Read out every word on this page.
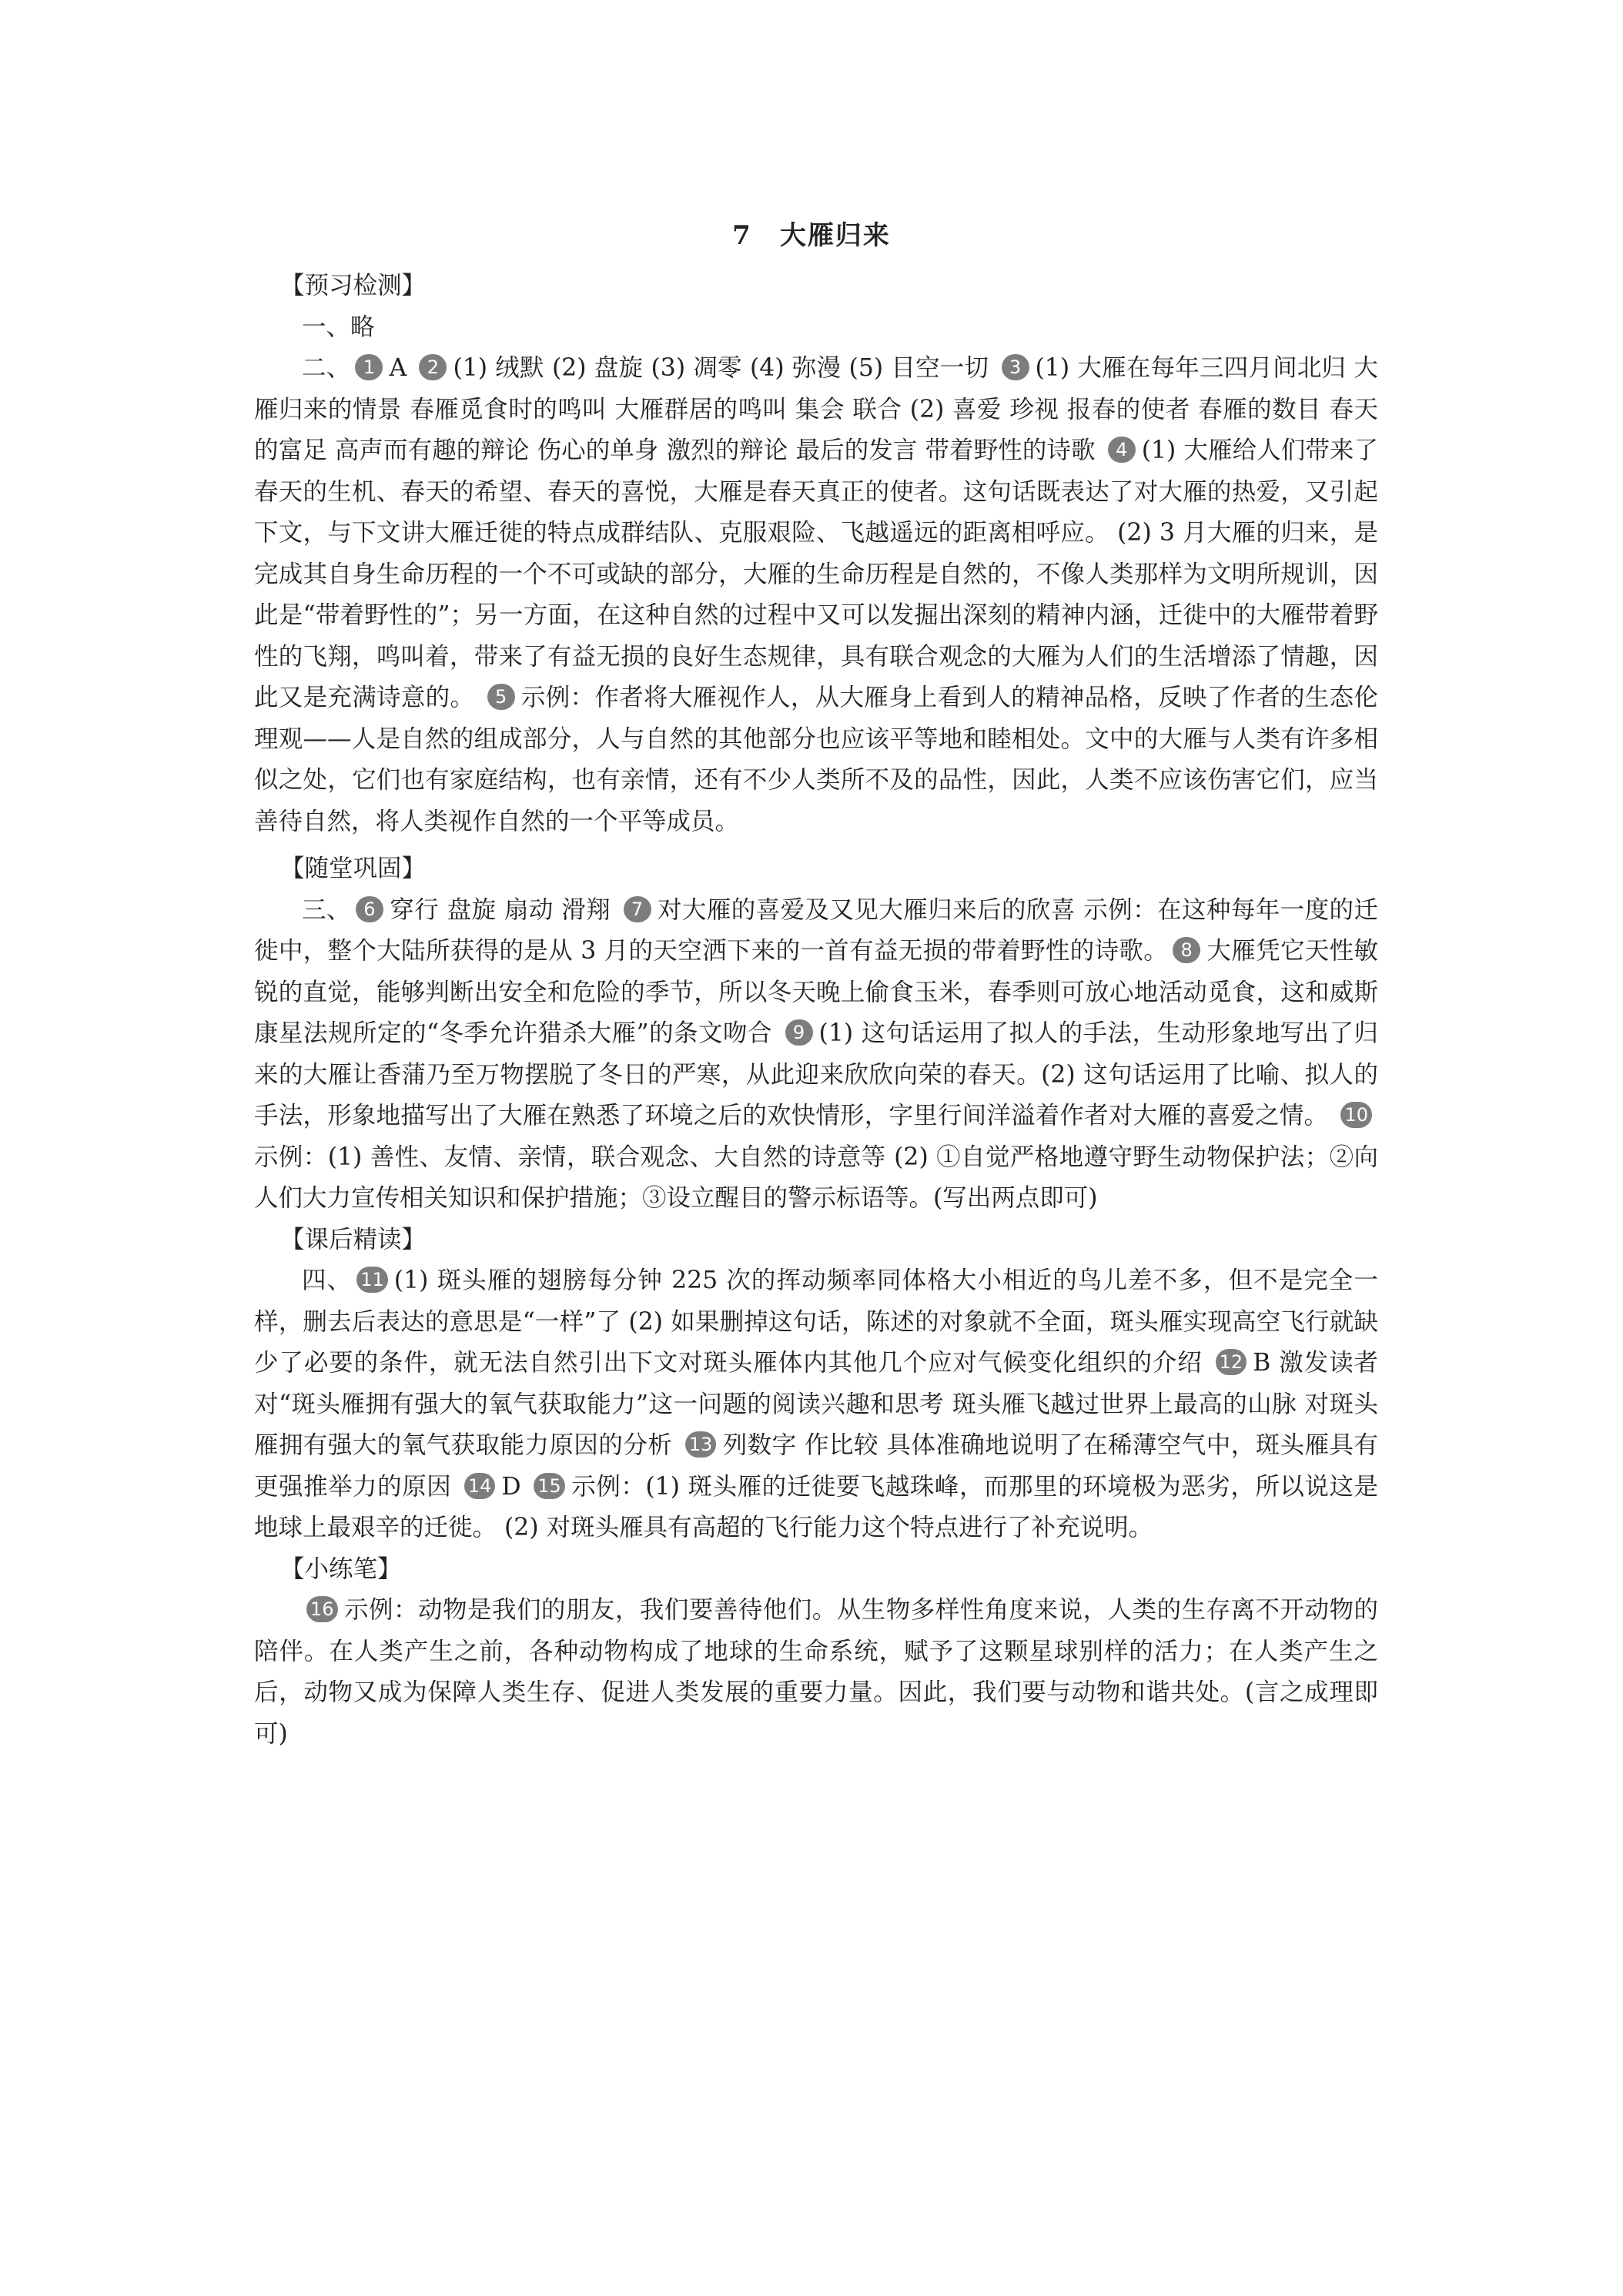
7 大雁归来
【预习检测】
一、略

二、 1 A 2 (1) 绒默 (2) 盘旋 (3) 凋零 (4) 弥漫 (5) 目空一切 3 (1) 大雁在每年三四月间北归 大雁归来的情景 春雁觅食时的鸣叫 大雁群居的鸣叫 集会 联合 (2) 喜爱 珍视 报春的使者 春雁的数目 春天的富足 高声而有趣的辩论 伤心的单身 激烈的辩论 最后的发言 带着野性的诗歌 4 (1) 大雁给人们带来了春天的生机、春天的希望、春天的喜悦，大雁是春天真正的使者。这句话既表达了对大雁的热爱，又引起下文，与下文讲大雁迁徙的特点成群结队、克服艰险、飞越遥远的距离相呼应。 (2) 3 月大雁的归来，是完成其自身生命历程的一个不可或缺的部分，大雁的生命历程是自然的，不像人类那样为文明所规训，因此是“带着野性的”；另一方面，在这种自然的过程中又可以发掘出深刻的精神内涵，迁徙中的大雁带着野性的飞翔，鸣叫着，带来了有益无损的良好生态规律，具有联合观念的大雁为人们的生活增添了情趣，因此又是充满诗意的。 5 示例：作者将大雁视作人，从大雁身上看到人的精神品格，反映了作者的生态伦理观——人是自然的组成部分，人与自然的其他部分也应该平等地和睦相处。文中的大雁与人类有许多相似之处，它们也有家庭结构，也有亲情，还有不少人类所不及的品性，因此，人类不应该伤害它们，应当善待自然，将人类视作自然的一个平等成员。

【随堂巩固】

三、 6 穿行 盘旋 扇动 滑翔 7 对大雁的喜爱及又见大雁归来后的欣喜 示例：在这种每年一度的迁徙中，整个大陆所获得的是从 3 月的天空洒下来的一首有益无损的带着野性的诗歌。 8 大雁凭它天性敏锐的直觉，能够判断出安全和危险的季节，所以冬天晚上偷食玉米，春季则可放心地活动觅食，这和威斯康星法规所定的“冬季允许猎杀大雁”的条文吻合 9 (1) 这句话运用了拟人的手法，生动形象地写出了归来的大雁让香蒲乃至万物摆脱了冬日的严寒，从此迎来欣欣向荣的春天。(2) 这句话运用了比喻、拟人的手法，形象地描写出了大雁在熟悉了环境之后的欢快情形，字里行间洋溢着作者对大雁的喜爱之情。 10示例：(1) 善性、友情、亲情，联合观念、大自然的诗意等 (2) ①自觉严格地遵守野生动物保护法；②向人们大力宣传相关知识和保护措施；③设立醒目的警示标语等。(写出两点即可)

【课后精读】

四、 11 (1) 斑头雁的翅膀每分钟 225 次的挥动频率同体格大小相近的鸟儿差不多，但不是完全一样，删去后表达的意思是“一样”了 (2) 如果删掉这句话，陈述的对象就不全面，斑头雁实现高空飞行就缺少了必要的条件，就无法自然引出下文对斑头雁体内其他几个应对气候变化组织的介绍 12 B 激发读者对“斑头雁拥有强大的氧气获取能力”这一问题的阅读兴趣和思考 斑头雁飞越过世界上最高的山脉 对斑头雁拥有强大的氧气获取能力原因的分析 13 列数字 作比较 具体准确地说明了在稀薄空气中，斑头雁具有更强推举力的原因 14 D 15 示例：(1) 斑头雁的迁徙要飞越珠峰，而那里的环境极为恶劣，所以说这是地球上最艰辛的迁徙。 (2) 对斑头雁具有高超的飞行能力这个特点进行了补充说明。

【小练笔】

16 示例：动物是我们的朋友，我们要善待他们。从生物多样性角度来说，人类的生存离不开动物的陪伴。在人类产生之前，各种动物构成了地球的生命系统，赋予了这颗星球别样的活力；在人类产生之后，动物又成为保障人类生存、促进人类发展的重要力量。因此，我们要与动物和谐共处。(言之成理即可)
